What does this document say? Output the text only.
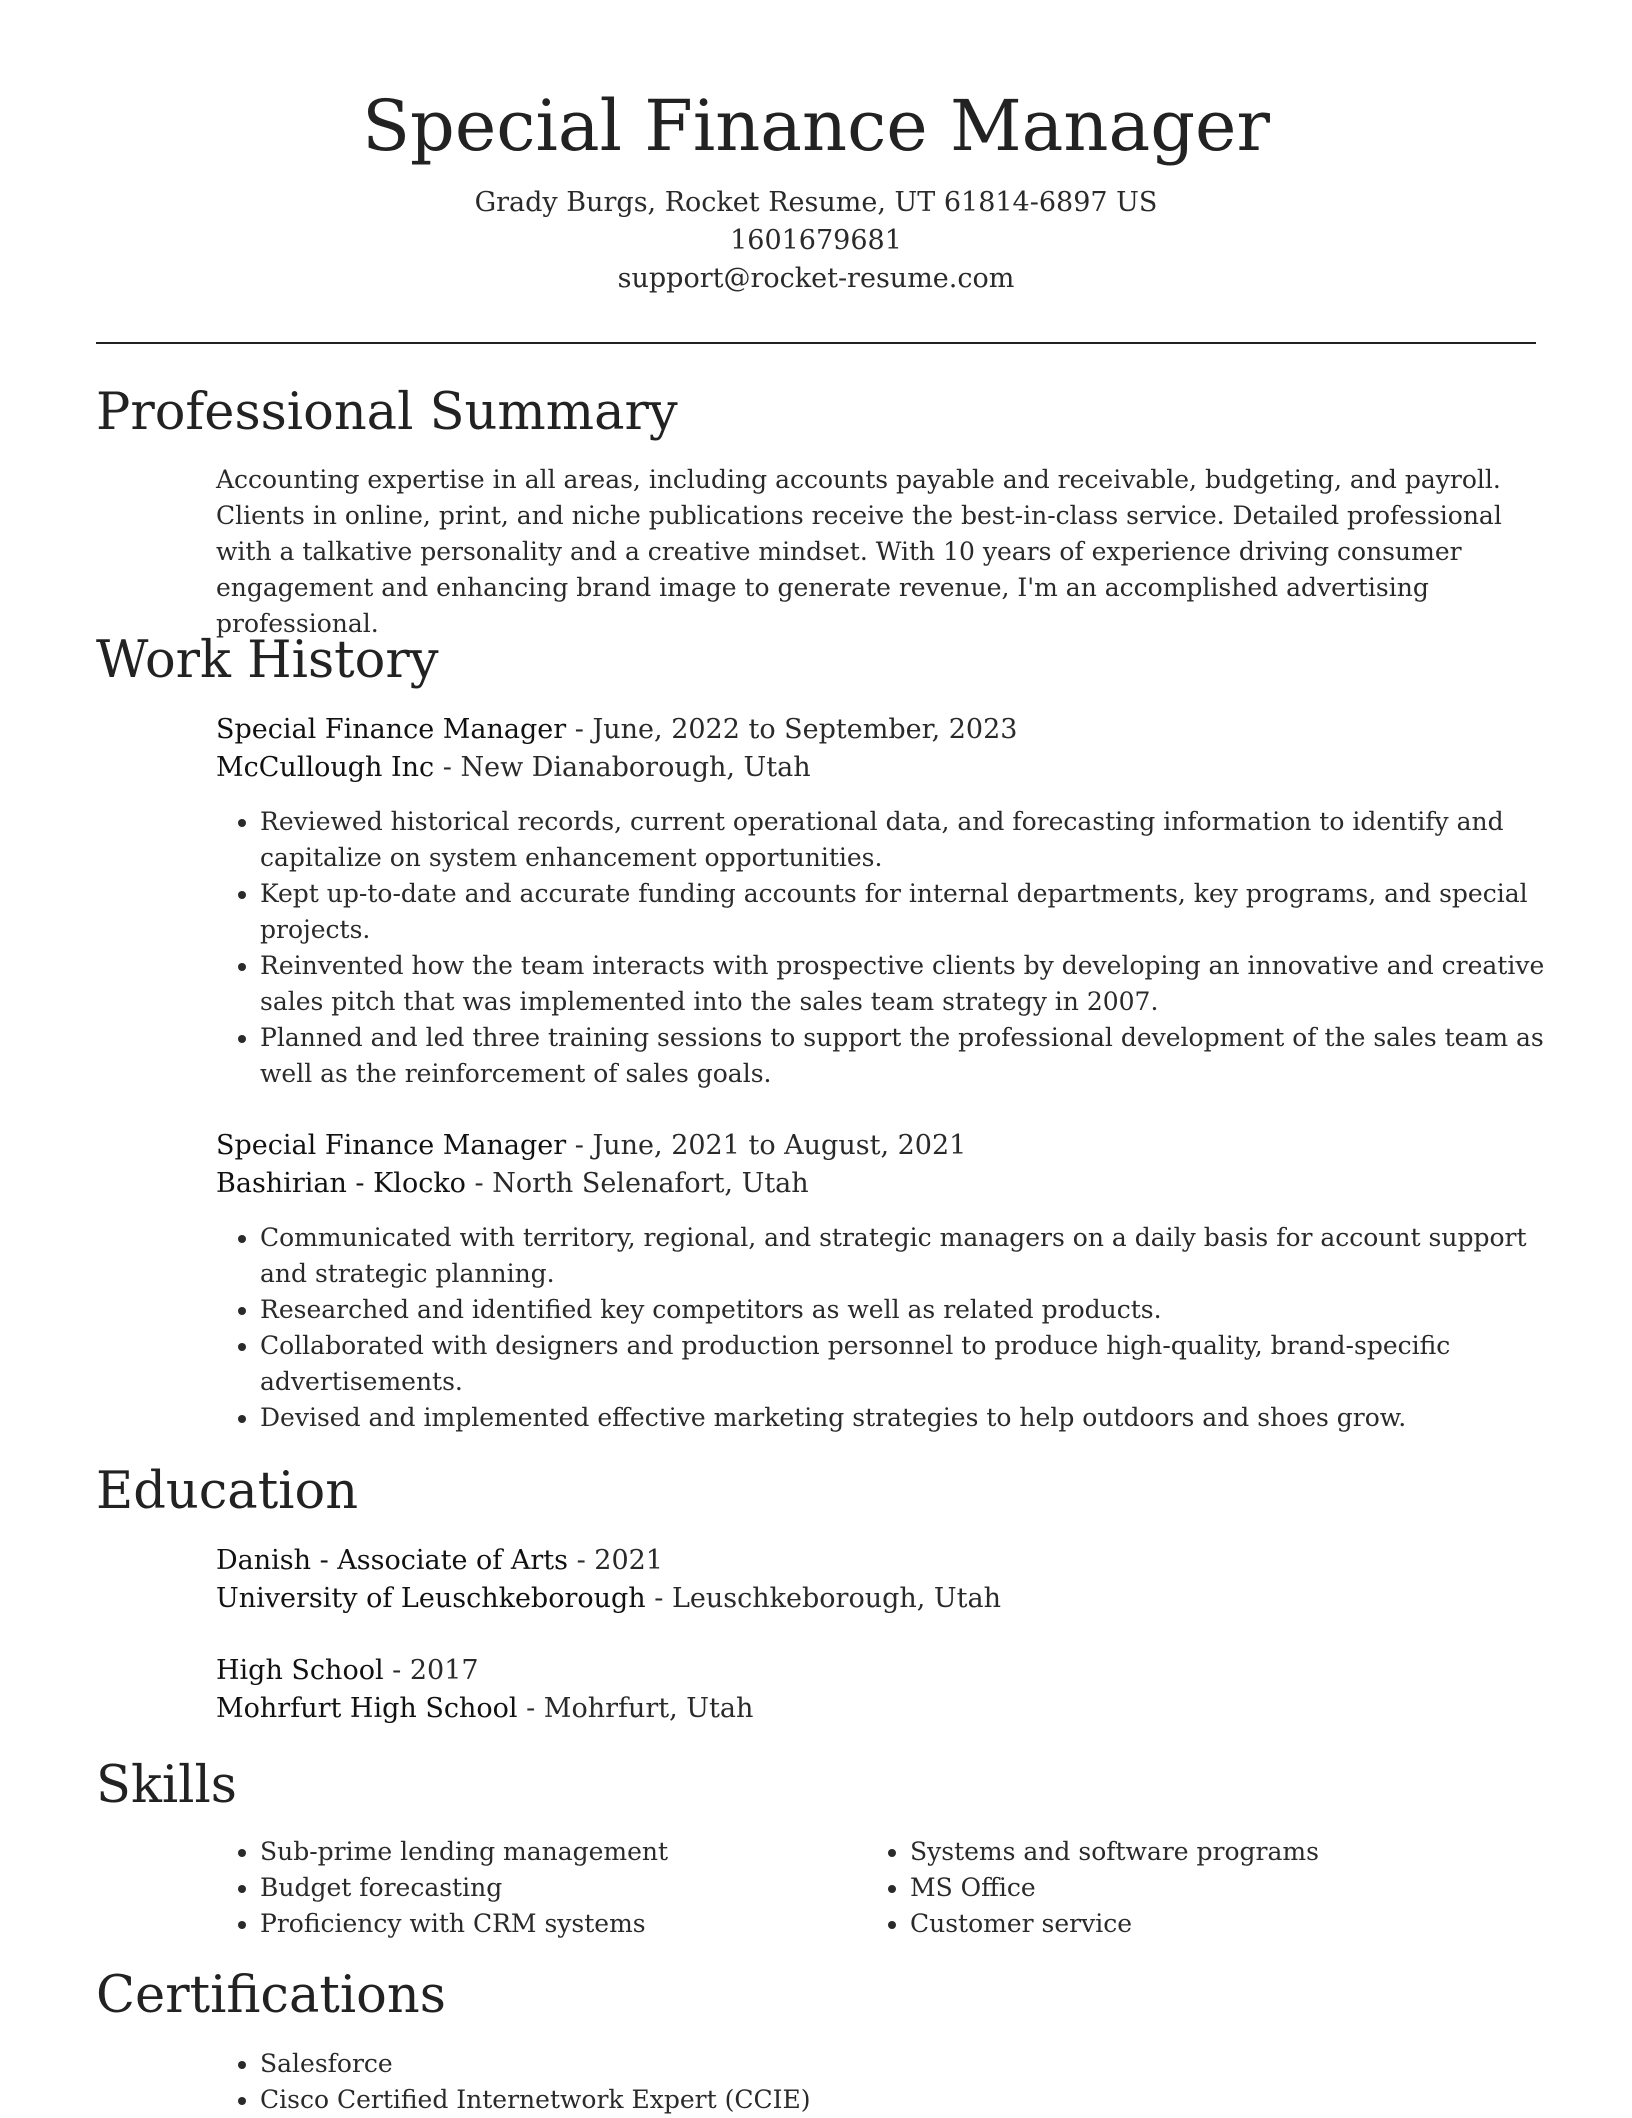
Special Finance Manager
Grady Burgs, Rocket Resume, UT 61814-6897 US
1601679681
support@rocket-resume.com
Professional Summary

Accounting expertise in all areas, including accounts payable and receivable, budgeting, and payroll. Clients in online, print, and niche publications receive the best-in-class service. Detailed professional with a talkative personality and a creative mindset. With 10 years of experience driving consumer engagement and enhancing brand image to generate revenue, I'm an accomplished advertising professional.

Work History
Special Finance Manager - June, 2022 to September, 2023
McCullough Inc - New Dianaborough, Utah
• Reviewed historical records, current operational data, and forecasting information to identify and capitalize on system enhancement opportunities.
• Kept up-to-date and accurate funding accounts for internal departments, key programs, and special projects.
• Reinvented how the team interacts with prospective clients by developing an innovative and creative sales pitch that was implemented into the sales team strategy in 2007.
• Planned and led three training sessions to support the professional development of the sales team as well as the reinforcement of sales goals.
Special Finance Manager - June, 2021 to August, 2021
Bashirian - Klocko - North Selenafort, Utah
• Communicated with territory, regional, and strategic managers on a daily basis for account support and strategic planning.
• Researched and identified key competitors as well as related products.
• Collaborated with designers and production personnel to produce high-quality, brand-specific advertisements.
• Devised and implemented effective marketing strategies to help outdoors and shoes grow.
Education
Danish - Associate of Arts - 2021
University of Leuschkeborough - Leuschkeborough, Utah
High School - 2017
Mohrfurt High School - Mohrfurt, Utah
Skills
• Sub-prime lending management
• Budget forecasting
• Proficiency with CRM systems
• Systems and software programs
• MS Office
• Customer service
Certifications
• Salesforce
• Cisco Certified Internetwork Expert (CCIE)
